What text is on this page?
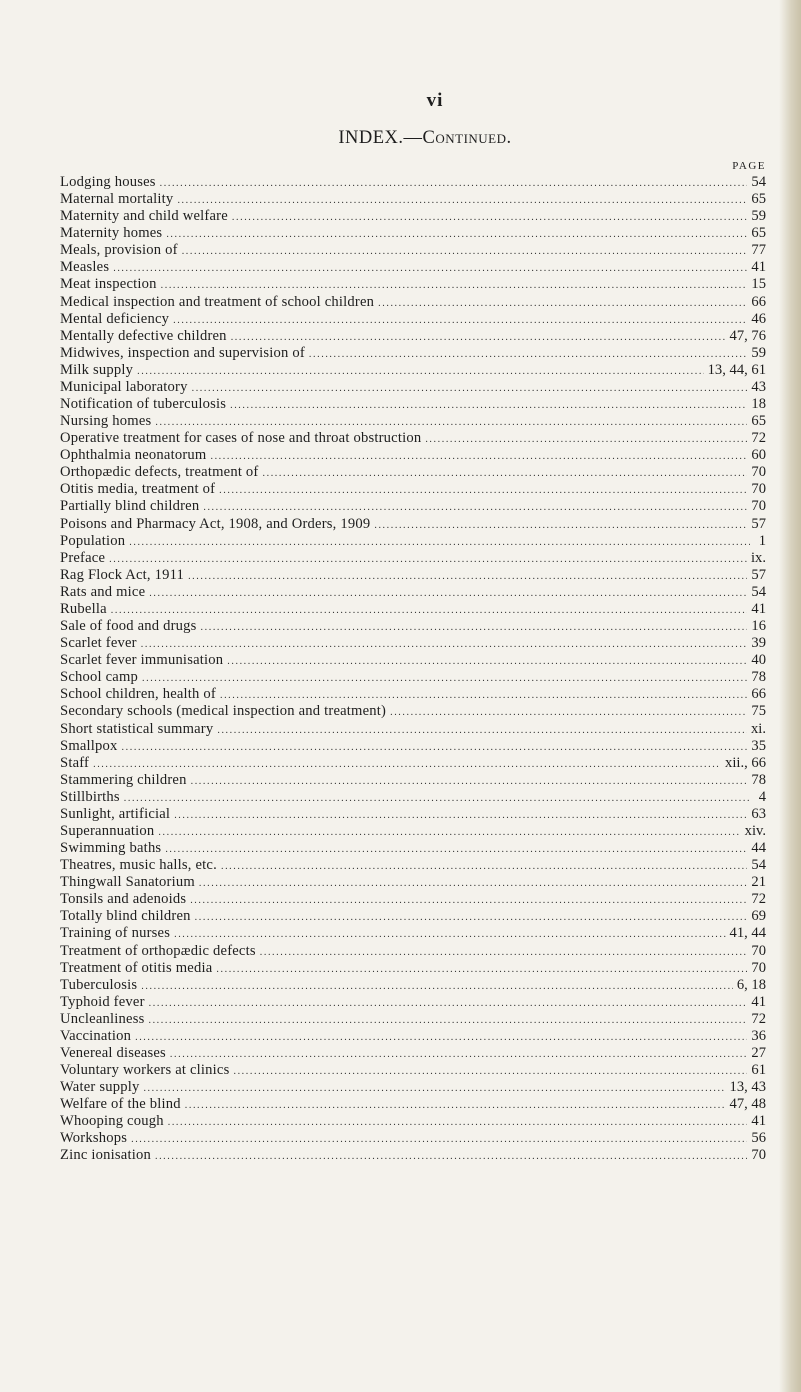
vi
INDEX.—Continued.
PAGE
Lodging houses .....	54
Maternal mortality .....	65
Maternity and child welfare .....	59
Maternity homes .....	65
Meals, provision of .....	77
Measles .....	41
Meat inspection .....	15
Medical inspection and treatment of school children .....	66
Mental deficiency .....	46
Mentally defective children .....	47, 76
Midwives, inspection and supervision of .....	59
Milk supply .....	13, 44, 61
Municipal laboratory .....	43
Notification of tuberculosis .....	18
Nursing homes .....	65
Operative treatment for cases of nose and throat obstruction .....	72
Ophthalmia neonatorum .....	60
Orthopædic defects, treatment of .....	70
Otitis media, treatment of .....	70
Partially blind children .....	70
Poisons and Pharmacy Act, 1908, and Orders, 1909 .....	57
Population .....	1
Preface .....	ix.
Rag Flock Act, 1911 .....	57
Rats and mice .....	54
Rubella .....	41
Sale of food and drugs .....	16
Scarlet fever .....	39
Scarlet fever immunisation .....	40
School camp .....	78
School children, health of .....	66
Secondary schools (medical inspection and treatment) .....	75
Short statistical summary .....	xi.
Smallpox .....	35
Staff .....	xii., 66
Stammering children .....	78
Stillbirths .....	4
Sunlight, artificial .....	63
Superannuation .....	xiv.
Swimming baths .....	44
Theatres, music halls, etc. .....	54
Thingwall Sanatorium .....	21
Tonsils and adenoids .....	72
Totally blind children .....	69
Training of nurses .....	41, 44
Treatment of orthopædic defects .....	70
Treatment of otitis media .....	70
Tuberculosis .....	6, 18
Typhoid fever .....	41
Uncleanliness .....	72
Vaccination .....	36
Venereal diseases .....	27
Voluntary workers at clinics .....	61
Water supply .....	13, 43
Welfare of the blind .....	47, 48
Whooping cough .....	41
Workshops .....	56
Zinc ionisation .....	70
